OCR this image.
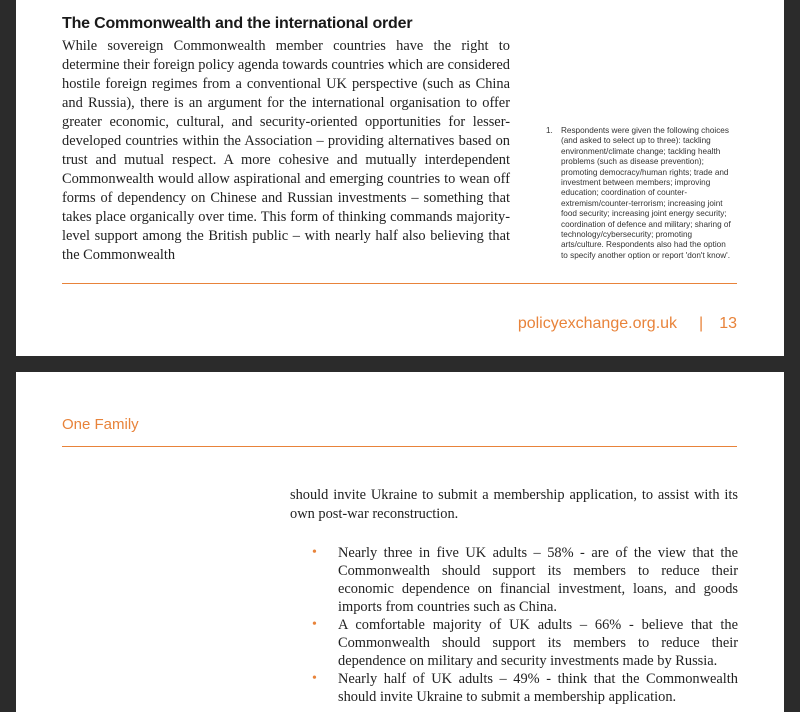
The Commonwealth and the international order

While sovereign Commonwealth member countries have the right to determine their foreign policy agenda towards countries which are considered hostile foreign regimes from a conventional UK perspective (such as China and Russia), there is an argument for the international organisation to offer greater economic, cultural, and security-oriented opportunities for lesser-developed countries within the Association – providing alternatives based on trust and mutual respect. A more cohesive and mutually interdependent Commonwealth would allow aspirational and emerging countries to wean off forms of dependency on Chinese and Russian investments – something that takes place organically over time. This form of thinking commands majority-level support among the British public – with nearly half also believing that the Commonwealth

1. Respondents were given the following choices (and asked to select up to three): tackling environment/climate change; tackling health problems (such as disease prevention); promoting democracy/human rights; trade and investment between members; improving education; coordination of counter-extremism/counter-terrorism; increasing joint food security; increasing joint energy security; coordination of defence and military; sharing of technology/cybersecurity; promoting arts/culture. Respondents also had the option to specify another option or report 'don't know'.
policyexchange.org.uk | 13
One Family

should invite Ukraine to submit a membership application, to assist with its own post-war reconstruction.

• Nearly three in five UK adults – 58% - are of the view that the Commonwealth should support its members to reduce their economic dependence on financial investment, loans, and goods imports from countries such as China.
• A comfortable majority of UK adults – 66% - believe that the Commonwealth should support its members to reduce their dependence on military and security investments made by Russia.
• Nearly half of UK adults – 49% - think that the Commonwealth should invite Ukraine to submit a membership application.
